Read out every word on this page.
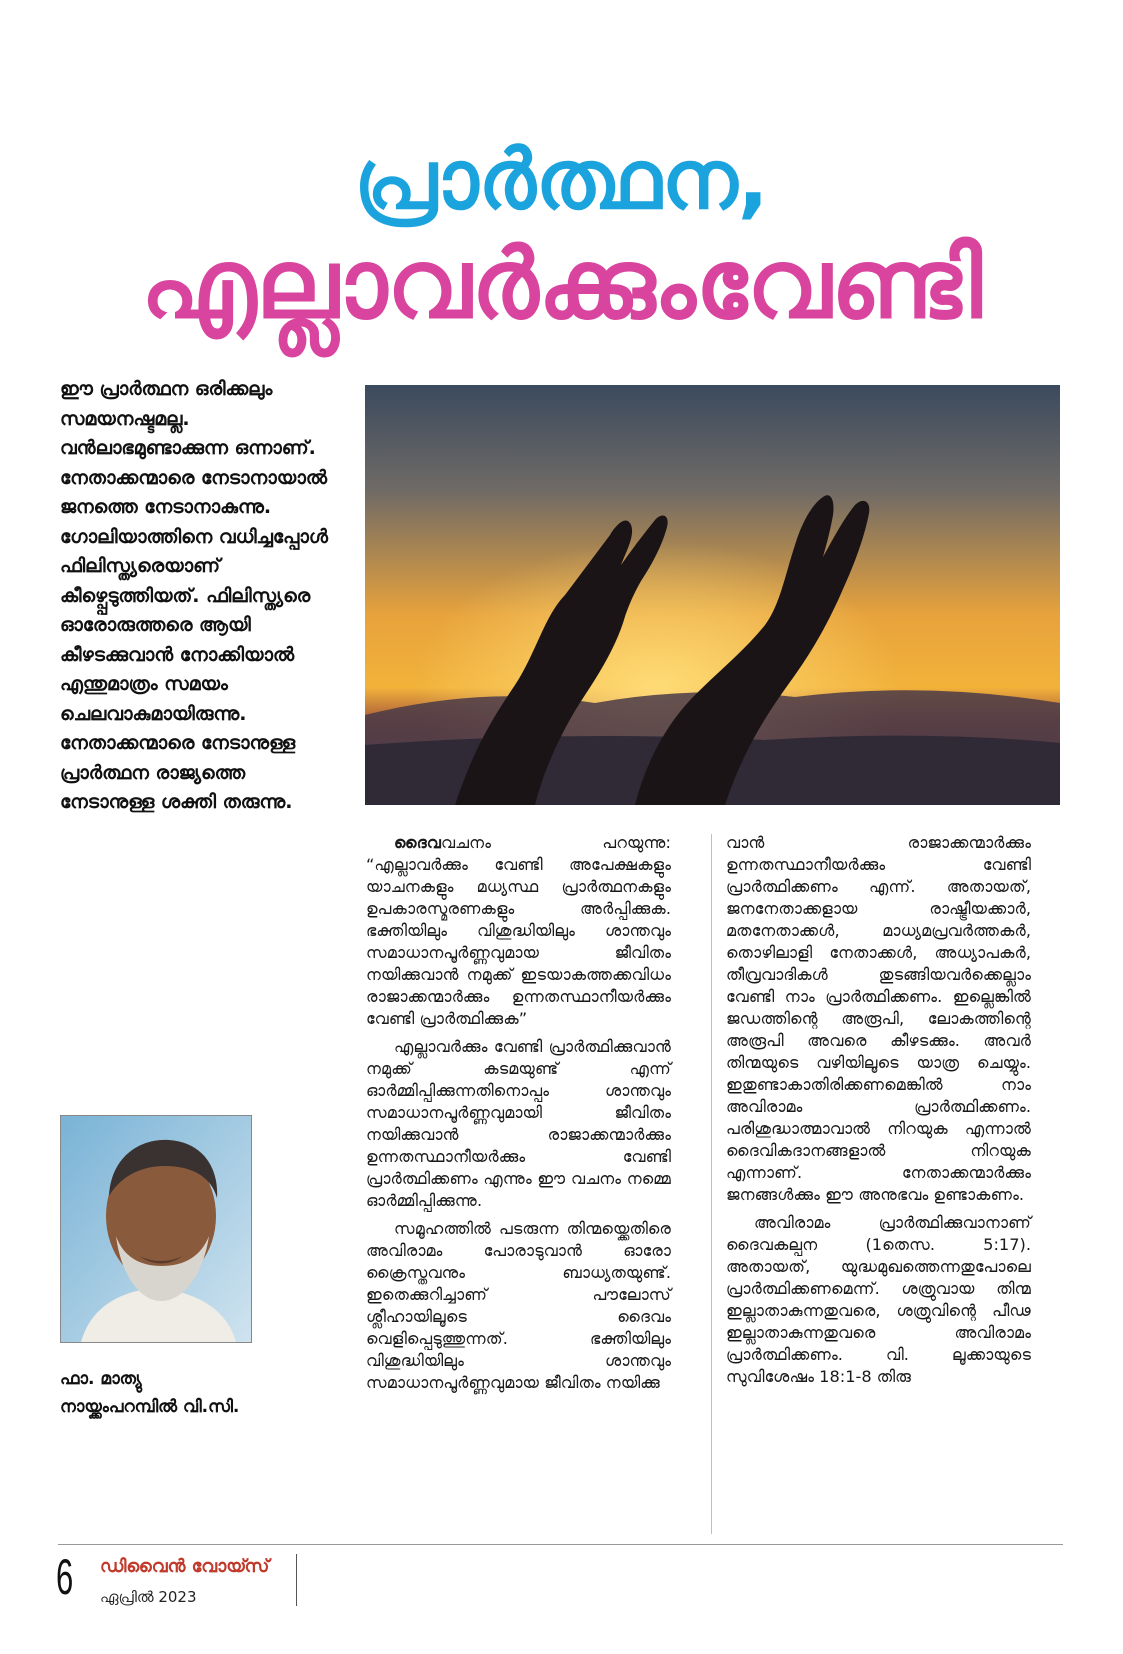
പ്രാർത്ഥന,
എല്ലാവർക്കുംവേണ്ടി
ഈ പ്രാർത്ഥന ഒരിക്കലും സമയനഷ്ടമല്ല. വൻലാഭമുണ്ടാക്കുന്ന ഒന്നാണ്. നേതാക്കന്മാരെ നേടാനായാൽ ജനത്തെ നേടാനാകുന്നു. ഗോലിയാത്തിനെ വധിച്ചപ്പോൾ ഫിലിസ്ത്യരെയാണ് കീഴ്പ്പെടുത്തിയത്. ഫിലിസ്ത്യരെ ഓരോരുത്തരെ ആയി കീഴടക്കുവാൻ നോക്കിയാൽ എന്തുമാത്രം സമയം ചെലവാകുമായിരുന്നു. നേതാക്കന്മാരെ നേടാനുള്ള പ്രാർത്ഥന രാജ്യത്തെ നേടാനുള്ള ശക്തി തരുന്നു.
ഫാ. മാത്യു
നായ്ക്കംപറമ്പിൽ വി.സി.

ദൈവവചനം പറയുന്നു: “എല്ലാവർക്കും വേണ്ടി അപേക്ഷകളും യാചനകളും മധ്യസ്ഥ പ്രാർത്ഥനകളും ഉപകാരസ്മരണകളും അർപ്പിക്കുക. ഭക്തിയിലും വിശുദ്ധിയിലും ശാന്തവും സമാധാനപൂർണ്ണവുമായ ജീവിതം നയിക്കുവാൻ നമുക്ക് ഇടയാകത്തക്കവിധം രാജാക്കന്മാർക്കും ഉന്നതസ്ഥാനീയർക്കും വേണ്ടി പ്രാർത്ഥിക്കുക”

എല്ലാവർക്കും വേണ്ടി പ്രാർത്ഥിക്കുവാൻ നമുക്ക് കടമയുണ്ട് എന്ന് ഓർമ്മിപ്പിക്കുന്നതിനൊപ്പം ശാന്തവും സമാധാനപൂർണ്ണവുമായി ജീവിതം നയിക്കുവാൻ രാജാക്കന്മാർക്കും ഉന്നതസ്ഥാനീയർക്കും വേണ്ടി പ്രാർത്ഥിക്കണം എന്നും ഈ വചനം നമ്മെ ഓർമ്മിപ്പിക്കുന്നു.

സമൂഹത്തിൽ പടരുന്ന തിന്മയ്ക്കെതിരെ അവിരാമം പോരാടുവാൻ ഓരോ ക്രൈസ്തവനും ബാധ്യതയുണ്ട്. ഇതെക്കുറിച്ചാണ് പൗലോസ് ശ്ലീഹായിലൂടെ ദൈവം വെളിപ്പെടുത്തുന്നത്. ഭക്തിയിലും വിശുദ്ധിയിലും ശാന്തവും സമാധാനപൂർണ്ണവുമായ ജീവിതം നയിക്കു

വാൻ രാജാക്കന്മാർക്കും ഉന്നതസ്ഥാനീയർക്കും വേണ്ടി പ്രാർത്ഥിക്കണം എന്ന്. അതായത്, ജനനേതാക്കളായ രാഷ്ട്രീയക്കാർ, മതനേതാക്കൾ, മാധ്യമപ്രവർത്തകർ, തൊഴിലാളി നേതാക്കൾ, അധ്യാപകർ, തീവ്രവാദികൾ തുടങ്ങിയവർക്കെല്ലാം വേണ്ടി നാം പ്രാർത്ഥിക്കണം. ഇല്ലെങ്കിൽ ജഡത്തിന്റെ അരൂപി, ലോകത്തിന്റെ അരൂപി അവരെ കീഴടക്കും. അവർ തിന്മയുടെ വഴിയിലൂടെ യാത്ര ചെയ്യും. ഇതുണ്ടാകാതിരിക്കണമെങ്കിൽ നാം അവിരാമം പ്രാർത്ഥിക്കണം. പരിശുദ്ധാത്മാവാൽ നിറയുക എന്നാൽ ദൈവികദാനങ്ങളാൽ നിറയുക എന്നാണ്. നേതാക്കന്മാർക്കും ജനങ്ങൾക്കും ഈ അനുഭവം ഉണ്ടാകണം.

അവിരാമം പ്രാർത്ഥിക്കുവാനാണ് ദൈവകല്പന (1തെസ. 5:17). അതായത്, യുദ്ധമുഖത്തെന്നതുപോലെ പ്രാർത്ഥിക്കണമെന്ന്. ശത്രുവായ തിന്മ ഇല്ലാതാകുന്നതുവരെ, ശത്രുവിന്റെ പീഢ ഇല്ലാതാകുന്നതുവരെ അവിരാമം പ്രാർത്ഥിക്കണം. വി. ലൂക്കായുടെ സുവിശേഷം 18:1-8 തിരു

6 ഡിവൈൻ വോയ്സ്
ഏപ്രിൽ 2023
